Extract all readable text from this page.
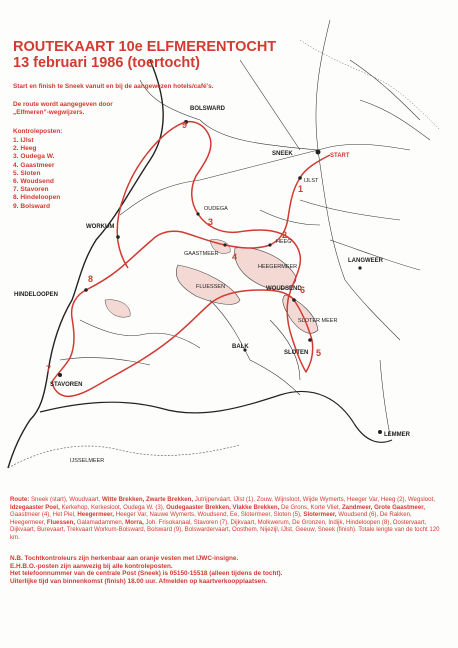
BOLSWARD
SNEEK	START
IJLST
WORKUM
HINDELOOPEN
OUDEGA
GAASTMEER
HEEG
HEEGERMEER
FLUESSEN	WOUDSEND
LANGWEER
SLOTER MEER
SLOTEN
BALK
STAVOREN
LEMMER
IJSSELMEER
1
2
3
4
5
6
7
8
9
ROUTEKAART 10e ELFMERENTOCHT
13 februari 1986 (toertocht)
Start en finish te Sneek vanuit en bij de aangewezen hotels/café's.
De route wordt aangegeven door „Elfmeren”-wegwijzers.
Kontroleposten:
1. IJlst
2. Heeg
3. Oudega W.
4. Gaastmeer
5. Sloten
6. Woudsend
7. Stavoren
8. Hindeloopen
9. Bolsward
Route: Sneek (start), Woudvaart, Witte Brekken, Zwarte Brekken, Jutrijperváart, IJlst (1), Zouw, Wijnsloot, Wijde Wymerts, Heeger Var, Heeg (2), Wegsloot, Idzegaaster Poel, Kerkehop, Kerkesloot, Oudega W. (3), Oudegaaster Brekken, Vlakke Brekken, De Grons, Korte Vliet, Zandmeer, Grote Gaastmeer, Gaastmeer (4), Het Piel, Heegermeer, Heeger Var, Nauwe Wymerts, Woudsend, Ee, Slotermeer, Sloten (5), Slotermeer, Woudsend (6), De Rakken, Heegermeer, Fluessen, Galamadammen, Morra, Joh. Frisokanaal, Stavoren (7), Dijkvaart, Molkwerum, De Gronzen, Indijk, Hindeloopen (8), Oostervaart, Dijkvaart, Burevaart, Trekvaart Workum-Bolsward, Bolsward (9), Bolswardervaart, Oosthem, Nijezijl, IJlst, Geeuw, Sneek (finish). Totale lengte van de tocht 120 km.
N.B. Tochtkontroleurs zijn herkenbaar aan oranje vesten met IJWC-insigne.
E.H.B.O.-posten zijn aanwezig bij alle kontroleposten.
Het telefoonnummer van de centrale Post (Sneek) is 05150-15518 (alleen tijdens de tocht).
Uiterlijke tijd van binnenkomst (finish) 18.00 uur. Afmelden op kaartverkoopplaatsen.
